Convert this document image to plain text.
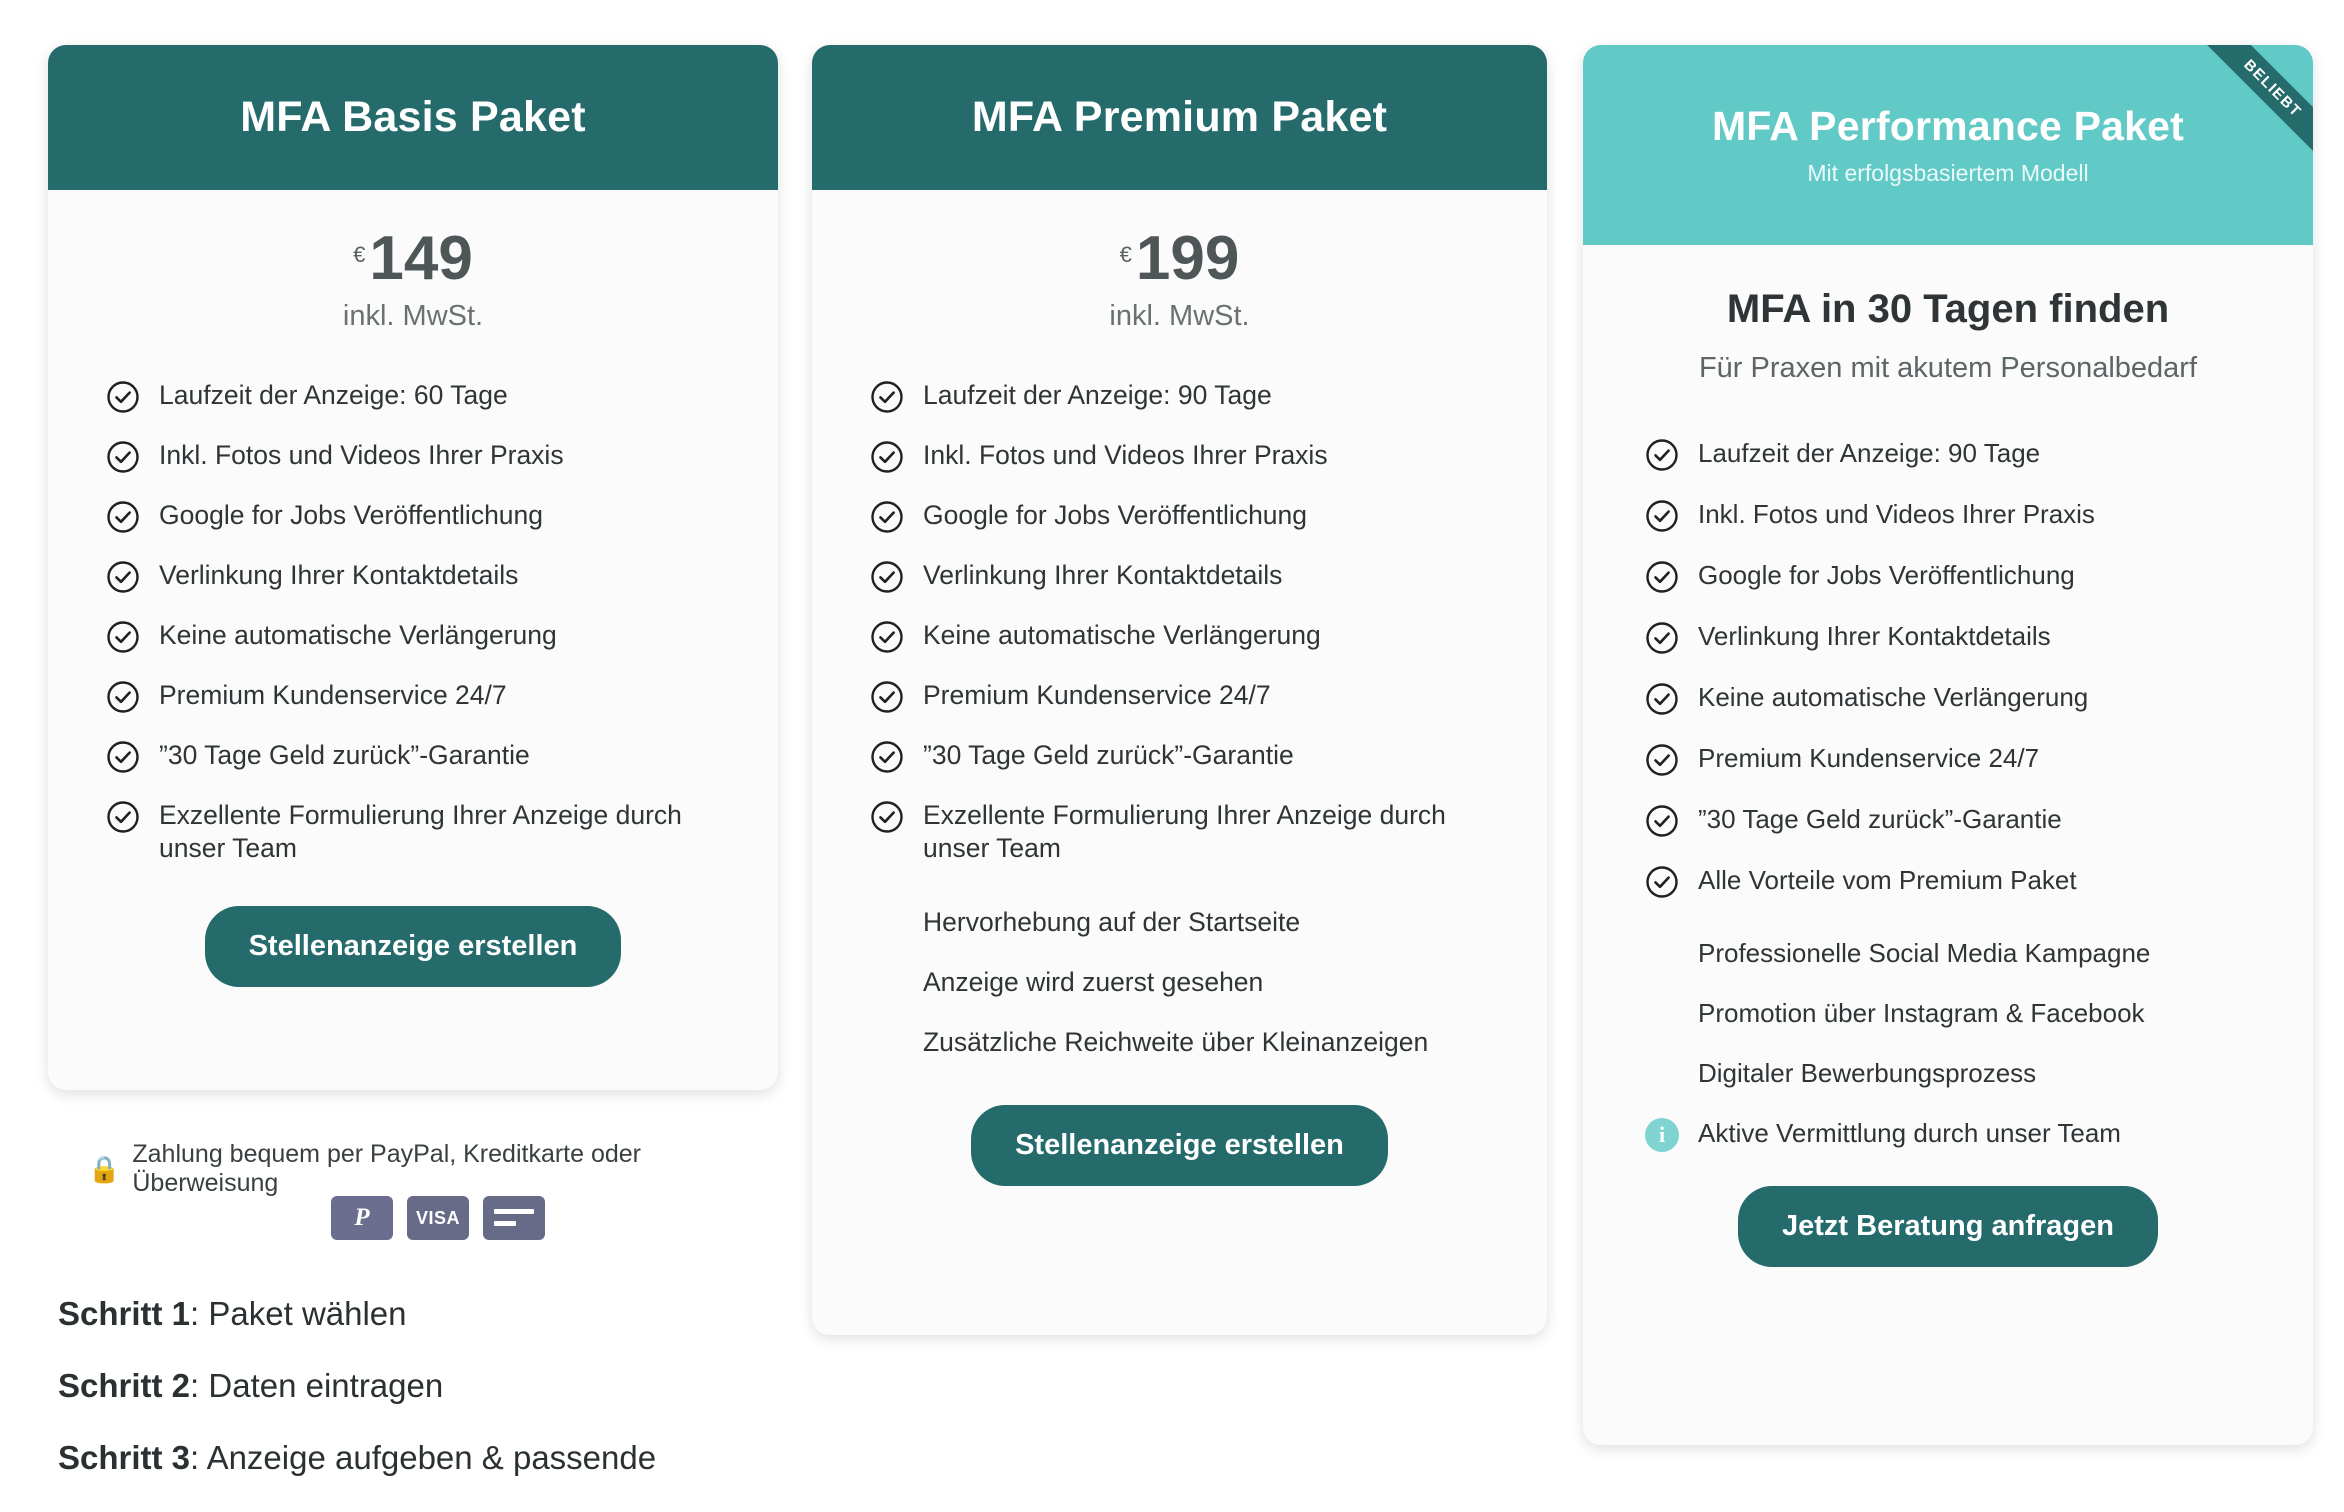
MFA Basis Paket
€ 149
inkl. MwSt.
Laufzeit der Anzeige: 60 Tage
Inkl. Fotos und Videos Ihrer Praxis
Google for Jobs Veröffentlichung
Verlinkung Ihrer Kontaktdetails
Keine automatische Verlängerung
Premium Kundenservice 24/7
”30 Tage Geld zurück”-Garantie
Exzellente Formulierung Ihrer Anzeige durch unser Team
Stellenanzeige erstellen
MFA Premium Paket
€ 199
inkl. MwSt.
Laufzeit der Anzeige: 90 Tage
Inkl. Fotos und Videos Ihrer Praxis
Google for Jobs Veröffentlichung
Verlinkung Ihrer Kontaktdetails
Keine automatische Verlängerung
Premium Kundenservice 24/7
”30 Tage Geld zurück”-Garantie
Exzellente Formulierung Ihrer Anzeige durch unser Team
Hervorhebung auf der Startseite
Anzeige wird zuerst gesehen
Zusätzliche Reichweite über Kleinanzeigen
Stellenanzeige erstellen
BELIEBT
MFA Performance Paket
Mit erfolgsbasiertem Modell
MFA in 30 Tagen finden
Für Praxen mit akutem Personalbedarf
Laufzeit der Anzeige: 90 Tage
Inkl. Fotos und Videos Ihrer Praxis
Google for Jobs Veröffentlichung
Verlinkung Ihrer Kontaktdetails
Keine automatische Verlängerung
Premium Kundenservice 24/7
”30 Tage Geld zurück”-Garantie
Alle Vorteile vom Premium Paket
Professionelle Social Media Kampagne
Promotion über Instagram & Facebook
Digitaler Bewerbungsprozess
i	Aktive Vermittlung durch unser Team
Jetzt Beratung anfragen
🔒 Zahlung bequem per PayPal, Kreditkarte oder Überweisung
P	VISA
Schritt 1: Paket wählen
Schritt 2: Daten eintragen
Schritt 3: Anzeige aufgeben & passende
